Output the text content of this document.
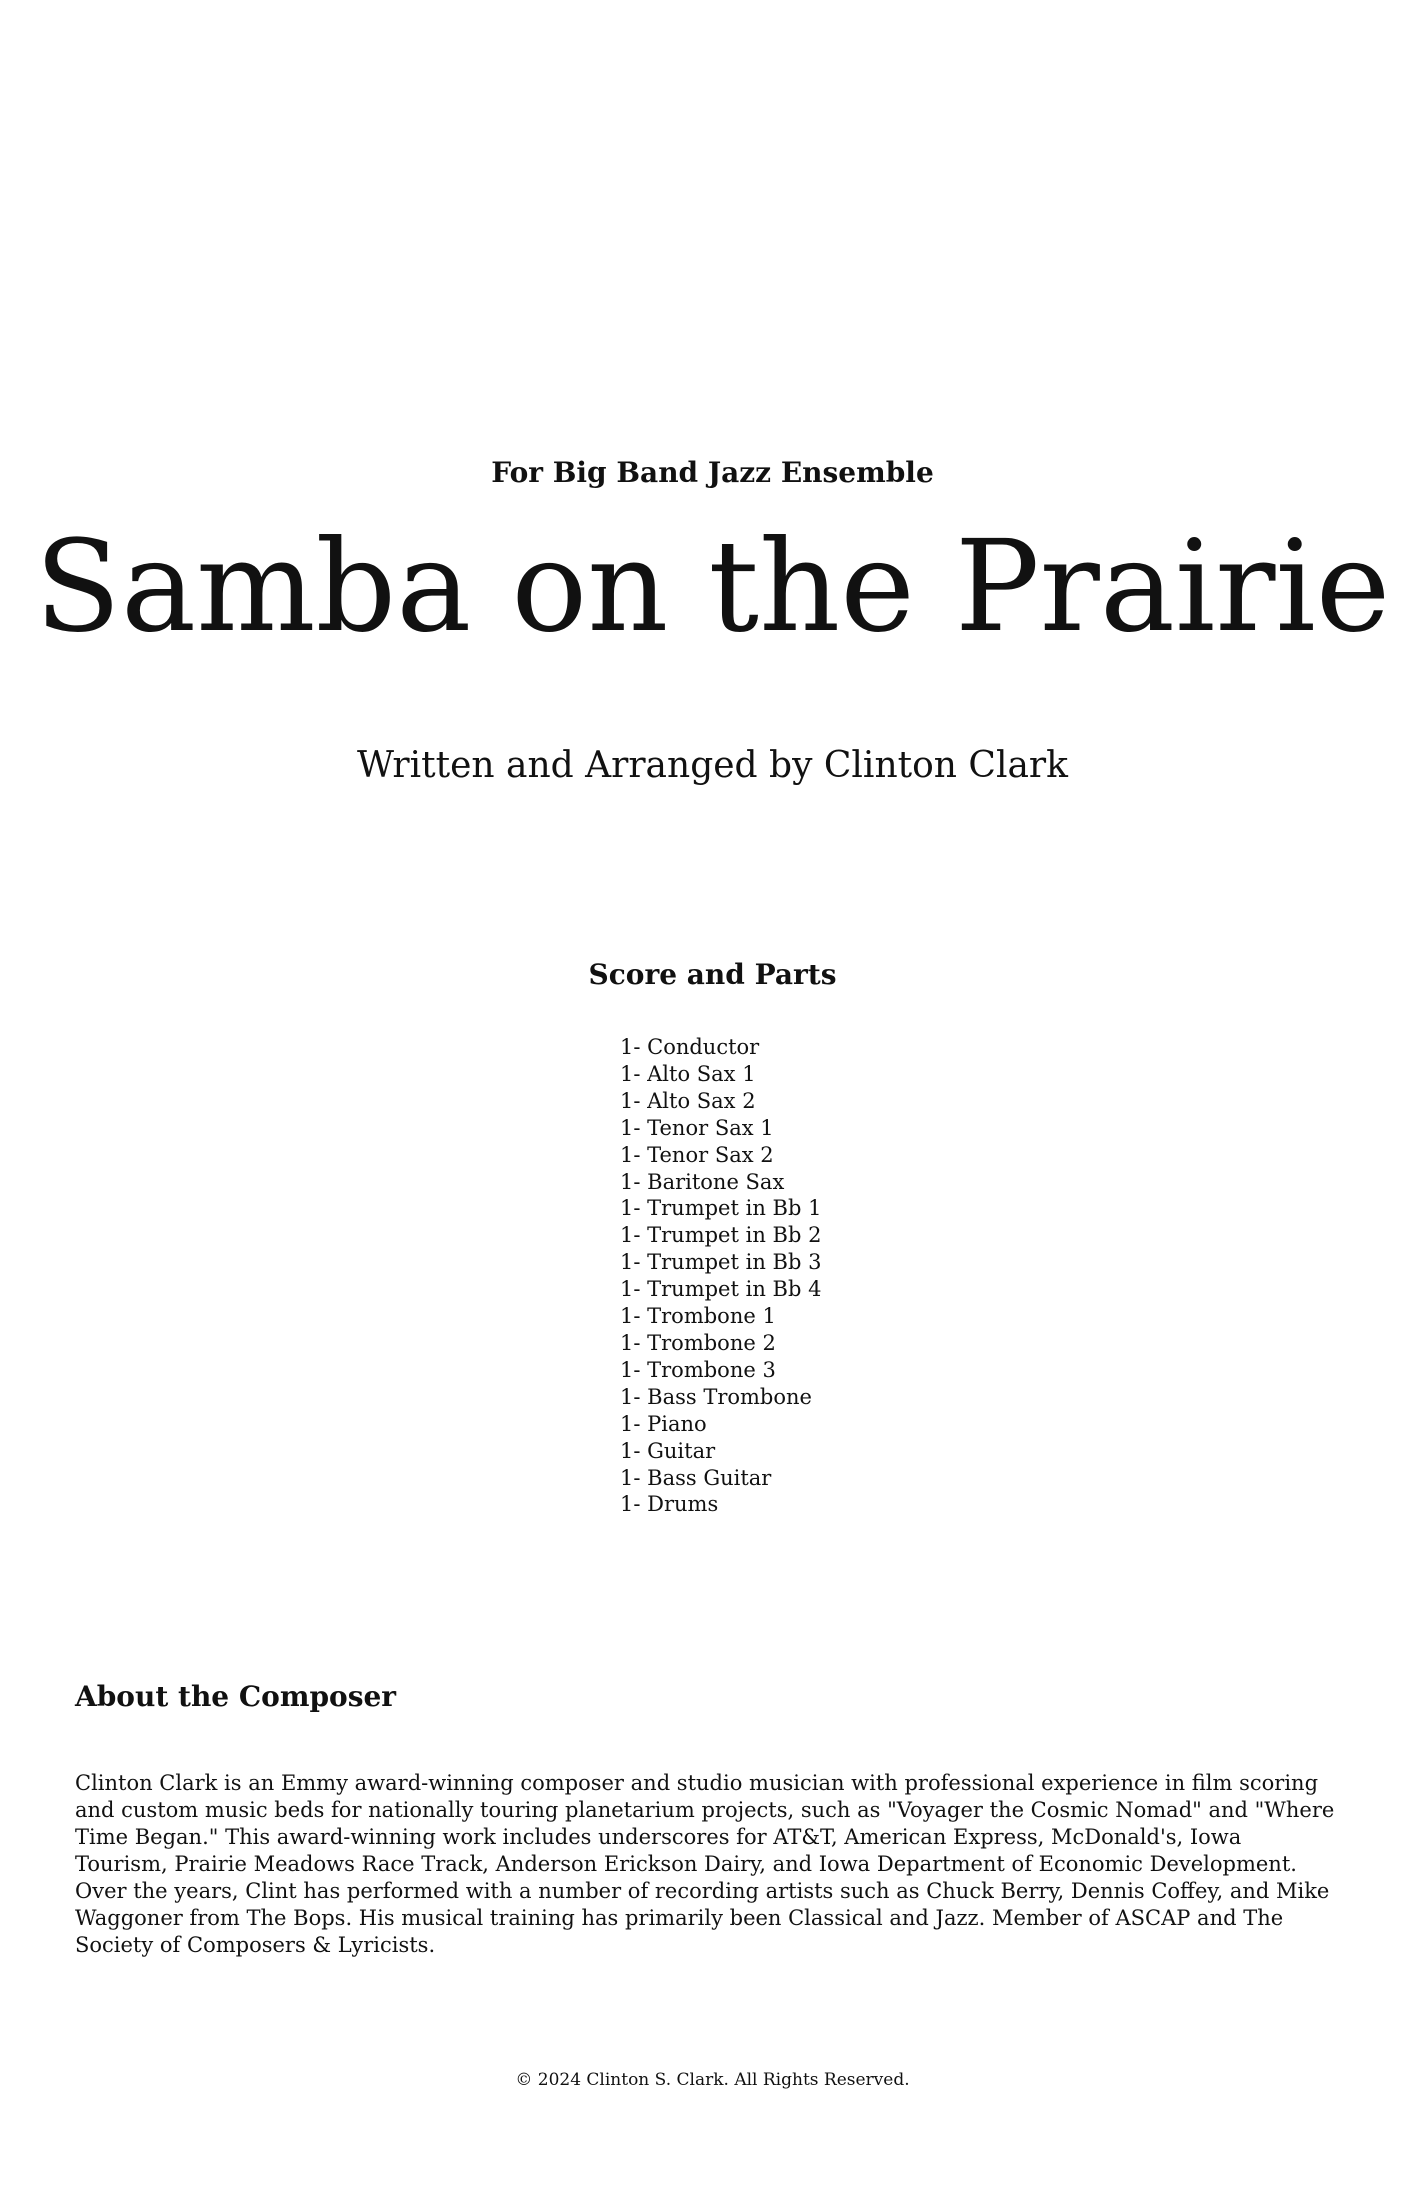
For Big Band Jazz Ensemble
Samba on the Prairie
Written and Arranged by Clinton Clark
Score and Parts
1- Conductor
1- Alto Sax 1
1- Alto Sax 2
1- Tenor Sax 1
1- Tenor Sax 2
1- Baritone Sax
1- Trumpet in Bb 1
1- Trumpet in Bb 2
1- Trumpet in Bb 3
1- Trumpet in Bb 4
1- Trombone 1
1- Trombone 2
1- Trombone 3
1- Bass Trombone
1- Piano
1- Guitar
1- Bass Guitar
1- Drums
About the Composer

Clinton Clark is an Emmy award-winning composer and studio musician with professional experience in film scoring and custom music beds for nationally touring planetarium projects, such as "Voyager the Cosmic Nomad" and "Where Time Began." This award-winning work includes underscores for AT&T, American Express, McDonald's, Iowa Tourism, Prairie Meadows Race Track, Anderson Erickson Dairy, and Iowa Department of Economic Development. Over the years, Clint has performed with a number of recording artists such as Chuck Berry, Dennis Coffey, and Mike Waggoner from The Bops. His musical training has primarily been Classical and Jazz. Member of ASCAP and The Society of Composers & Lyricists.

© 2024 Clinton S. Clark. All Rights Reserved.
